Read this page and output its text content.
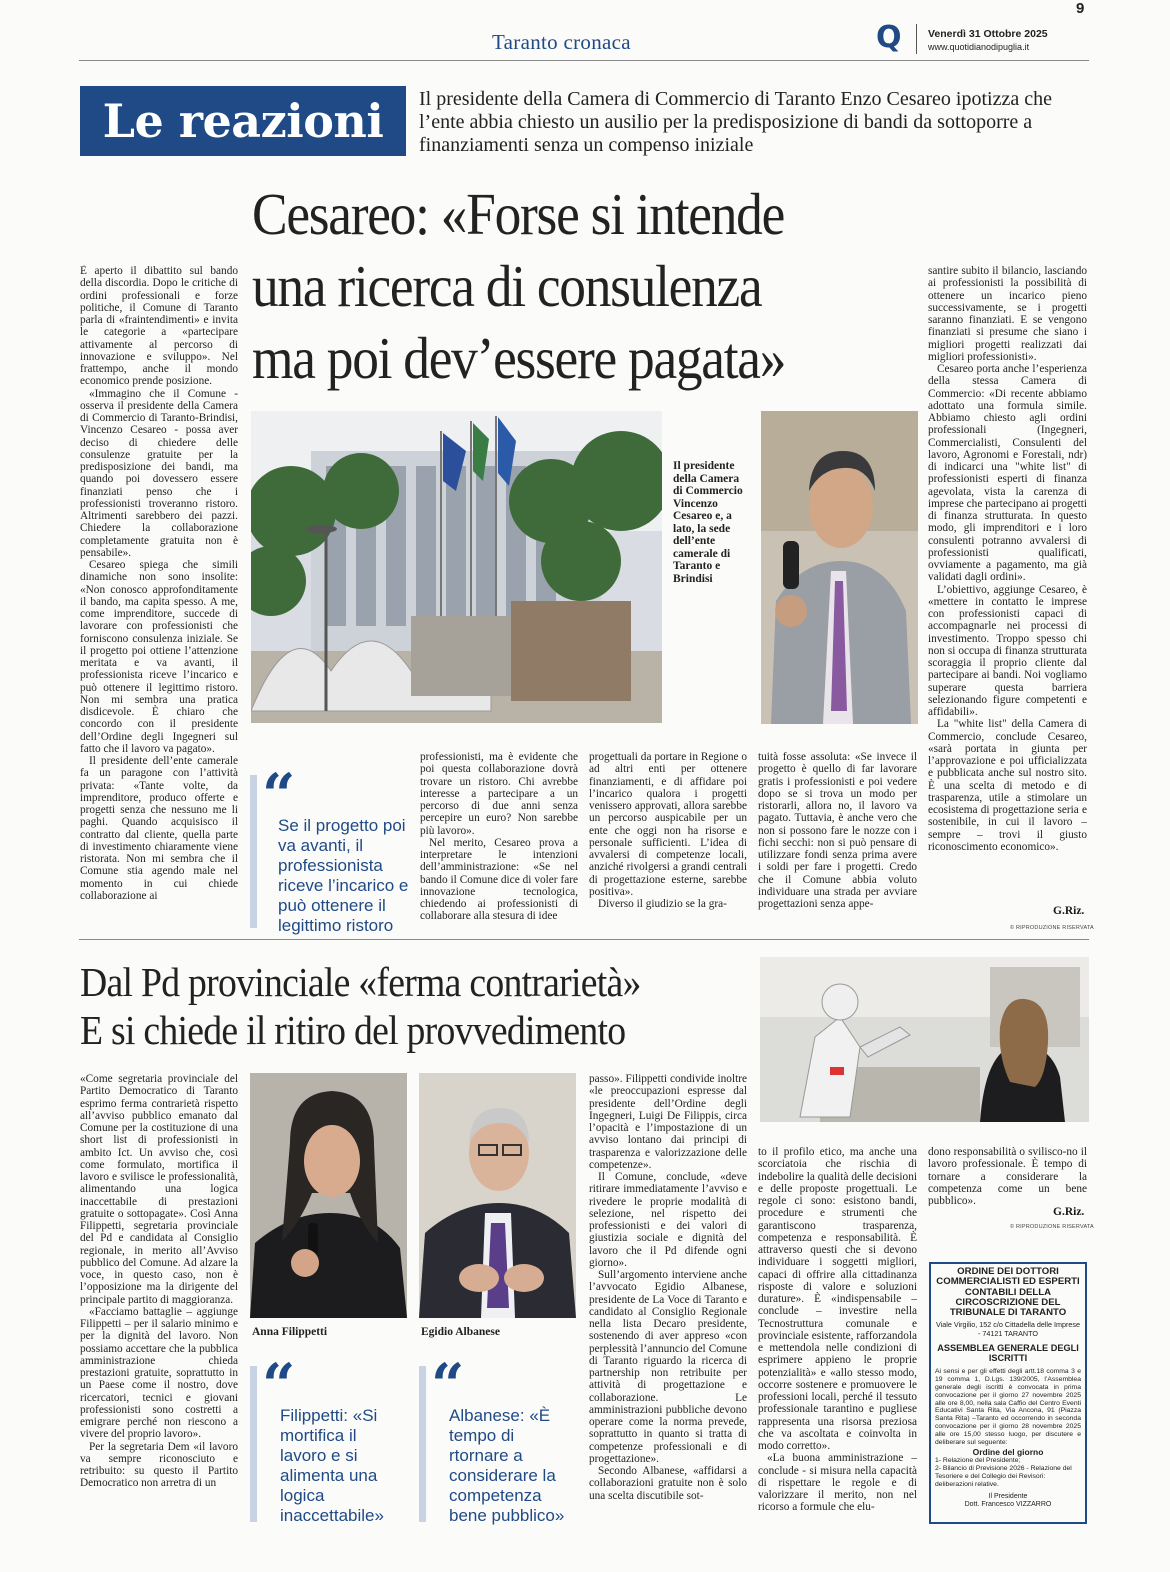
9
Taranto cronaca	Q	Venerdì 31 Ottobre 2025
www.quotidianodipuglia.it
Le reazioni Il presidente della Camera di Commercio di Taranto Enzo Cesareo ipotizza che l’ente abbia chiesto un ausilio per la predisposizione di bandi da sottoporre a finanziamenti senza un compenso iniziale
Cesareo: «Forse si intende
una ricerca di consulenza
ma poi dev’essere pagata»

È aperto il dibattito sul bando della discordia. Dopo le critiche di ordini professionali e forze politiche, il Comune di Taranto parla di «fraintendimenti» e invita le categorie a «partecipare attivamente al percorso di innovazione e sviluppo». Nel frattempo, anche il mondo economico prende posizione.

«Immagino che il Comune - osserva il presidente della Camera di Commercio di Taranto-Brindisi, Vincenzo Cesareo - possa aver deciso di chiedere delle consulenze gratuite per la predisposizione dei bandi, ma quando poi dovessero essere finanziati penso che i professionisti troveranno ristoro. Altrimenti sarebbero dei pazzi. Chiedere la collaborazione completamente gratuita non è pensabile».

Cesareo spiega che simili dinamiche non sono insolite: «Non conosco approfonditamente il bando, ma capita spesso. A me, come imprenditore, succede di lavorare con professionisti che forniscono consulenza iniziale. Se il progetto poi ottiene l’attenzione meritata e va avanti, il professionista riceve l’incarico e può ottenere il legittimo ristoro. Non mi sembra una pratica disdicevole. È chiaro che concordo con il presidente dell’Ordine degli Ingegneri sul fatto che il lavoro va pagato».

Il presidente dell’ente camerale fa un paragone con l’attività privata: «Tante volte, da imprenditore, produco offerte e progetti senza che nessuno me li paghi. Quando acquisisco il contratto dal cliente, quella parte di investimento chiaramente viene ristorata. Non mi sembra che il Comune stia agendo male nel momento in cui chiede collaborazione ai

Il presidente della Camera di Commercio Vincenzo Cesareo e, a lato, la sede dell’ente camerale di Taranto e Brindisi
“
Se il progetto poi va avanti, il professionista riceve l’incarico e può ottenere il legittimo ristoro

professionisti, ma è evidente che poi questa collaborazione dovrà trovare un ristoro. Chi avrebbe interesse a partecipare a un percorso di due anni senza percepire un euro? Non sarebbe più lavoro».

Nel merito, Cesareo prova a interpretare le intenzioni dell’amministrazione: «Se nel bando il Comune dice di voler fare innovazione tecnologica, chiedendo ai professionisti di collaborare alla stesura di idee

progettuali da portare in Regione o ad altri enti per ottenere finanziamenti, e di affidare poi l’incarico qualora i progetti venissero approvati, allora sarebbe un percorso auspicabile per un ente che oggi non ha risorse e personale sufficienti. L’idea di avvalersi di competenze locali, anziché rivolgersi a grandi centrali di progettazione esterne, sarebbe positiva».

Diverso il giudizio se la gra-

tuità fosse assoluta: «Se invece il progetto è quello di far lavorare gratis i professionisti e poi vedere dopo se si trova un modo per ristorarli, allora no, il lavoro va pagato. Tuttavia, è anche vero che non si possono fare le nozze con i fichi secchi: non si può pensare di utilizzare fondi senza prima avere i soldi per fare i progetti. Credo che il Comune abbia voluto individuare una strada per avviare progettazioni senza appe-

santire subito il bilancio, lasciando ai professionisti la possibilità di ottenere un incarico pieno successivamente, se i progetti saranno finanziati. E se vengono finanziati si presume che siano i migliori progetti realizzati dai migliori professionisti».

Cesareo porta anche l’esperienza della stessa Camera di Commercio: «Di recente abbiamo adottato una formula simile. Abbiamo chiesto agli ordini professionali (Ingegneri, Commercialisti, Consulenti del lavoro, Agronomi e Forestali, ndr) di indicarci una "white list" di professionisti esperti di finanza agevolata, vista la carenza di imprese che partecipano ai progetti di finanza strutturata. In questo modo, gli imprenditori e i loro consulenti potranno avvalersi di professionisti qualificati, ovviamente a pagamento, ma già validati dagli ordini».

L’obiettivo, aggiunge Cesareo, è «mettere in contatto le imprese con professionisti capaci di accompagnarle nei processi di investimento. Troppo spesso chi non si occupa di finanza strutturata scoraggia il proprio cliente dal partecipare ai bandi. Noi vogliamo superare questa barriera selezionando figure competenti e affidabili».

La "white list" della Camera di Commercio, conclude Cesareo, «sarà portata in giunta per l’approvazione e poi ufficializzata e pubblicata anche sul nostro sito. È una scelta di metodo e di trasparenza, utile a stimolare un ecosistema di progettazione seria e sostenibile, in cui il lavoro – sempre – trovi il giusto riconoscimento economico».

G.Riz.
© RIPRODUZIONE RISERVATA
Dal Pd provinciale «ferma contrarietà»
E si chiede il ritiro del provvedimento

«Come segretaria provinciale del Partito Democratico di Taranto esprimo ferma contrarietà rispetto all’avviso pubblico emanato dal Comune per la costituzione di una short list di professionisti in ambito Ict. Un avviso che, così come formulato, mortifica il lavoro e svilisce le professionalità, alimentando una logica inaccettabile di prestazioni gratuite o sottopagate». Così Anna Filippetti, segretaria provinciale del Pd e candidata al Consiglio regionale, in merito all’Avviso pubblico del Comune. Ad alzare la voce, in questo caso, non è l’opposizione ma la dirigente del principale partito di maggioranza.

«Facciamo battaglie – aggiunge Filippetti – per il salario minimo e per la dignità del lavoro. Non possiamo accettare che la pubblica amministrazione chieda prestazioni gratuite, soprattutto in un Paese come il nostro, dove ricercatori, tecnici e giovani professionisti sono costretti a emigrare perché non riescono a vivere del proprio lavoro».

Per la segretaria Dem «il lavoro va sempre riconosciuto e retribuito: su questo il Partito Democratico non arretra di un

Anna Filippetti	Egidio Albanese
“
Filippetti: «Si mortifica il lavoro e si alimenta una logica inaccettabile»
“
Albanese: «È tempo di rtornare a considerare la competenza bene pubblico»

passo». Filippetti condivide inoltre «le preoccupazioni espresse dal presidente dell’Ordine degli Ingegneri, Luigi De Filippis, circa l’opacità e l’impostazione di un avviso lontano dai principi di trasparenza e valorizzazione delle competenze».

Il Comune, conclude, «deve ritirare immediatamente l’avviso e rivedere le proprie modalità di selezione, nel rispetto dei professionisti e dei valori di giustizia sociale e dignità del lavoro che il Pd difende ogni giorno».

Sull’argomento interviene anche l’avvocato Egidio Albanese, presidente de La Voce di Taranto e candidato al Consiglio Regionale nella lista Decaro presidente, sostenendo di aver appreso «con perplessità l’annuncio del Comune di Taranto riguardo la ricerca di partnership non retribuite per attività di progettazione e collaborazione. Le amministrazioni pubbliche devono operare come la norma prevede, soprattutto in quanto si tratta di competenze professionali e di progettazione».

Secondo Albanese, «affidarsi a collaborazioni gratuite non è solo una scelta discutibile sot-

to il profilo etico, ma anche una scorciatoia che rischia di indebolire la qualità delle decisioni e delle proposte progettuali. Le regole ci sono: esistono bandi, procedure e strumenti che garantiscono trasparenza, competenza e responsabilità. È attraverso questi che si devono individuare i soggetti migliori, capaci di offrire alla cittadinanza risposte di valore e soluzioni durature». È «indispensabile – conclude – investire nella Tecnostruttura comunale e provinciale esistente, rafforzandola e mettendola nelle condizioni di esprimere appieno le proprie potenzialità» e «allo stesso modo, occorre sostenere e promuovere le professioni locali, perché il tessuto professionale tarantino e pugliese rappresenta una risorsa preziosa che va ascoltata e coinvolta in modo corretto».

«La buona amministrazione – conclude - si misura nella capacità di rispettare le regole e di valorizzare il merito, non nel ricorso a formule che elu-

dono responsabilità o svilisco-no il lavoro professionale. È tempo di tornare a considerare la competenza come un bene pubblico».

G.Riz.
© RIPRODUZIONE RISERVATA
ORDINE DEI DOTTORI COMMERCIALISTI ED ESPERTI CONTABILI DELLA CIRCOSCRIZIONE DEL TRIBUNALE DI TARANTO
Viale Virgilio, 152 c/o Cittadella delle Imprese - 74121 TARANTO
ASSEMBLEA GENERALE DEGLI ISCRITTI
Ai sensi e per gli effetti degli artt.18 comma 3 e 19 comma 1, D.Lgs. 139/2005, l’Assemblea generale degli iscritti è convocata in prima convocazione per il giorno 27 novembre 2025 alle ore 8,00, nella sala Caffio del Centro Eventi Educativi Santa Rita, Via Ancona, 91 (Piazza Santa Rita) –Taranto ed occorrendo in seconda convocazione per il giorno 28 novembre 2025 alle ore 15,00 stesso luogo, per discutere e deliberare sul seguente:
Ordine del giorno
1- Relazione del Presidente;
2- Bilancio di Previsione 2026 - Relazione del Tesoriere e del Collegio dei Revisori: deliberazioni relative.
Il Presidente
Dott. Francesco VIZZARRO
